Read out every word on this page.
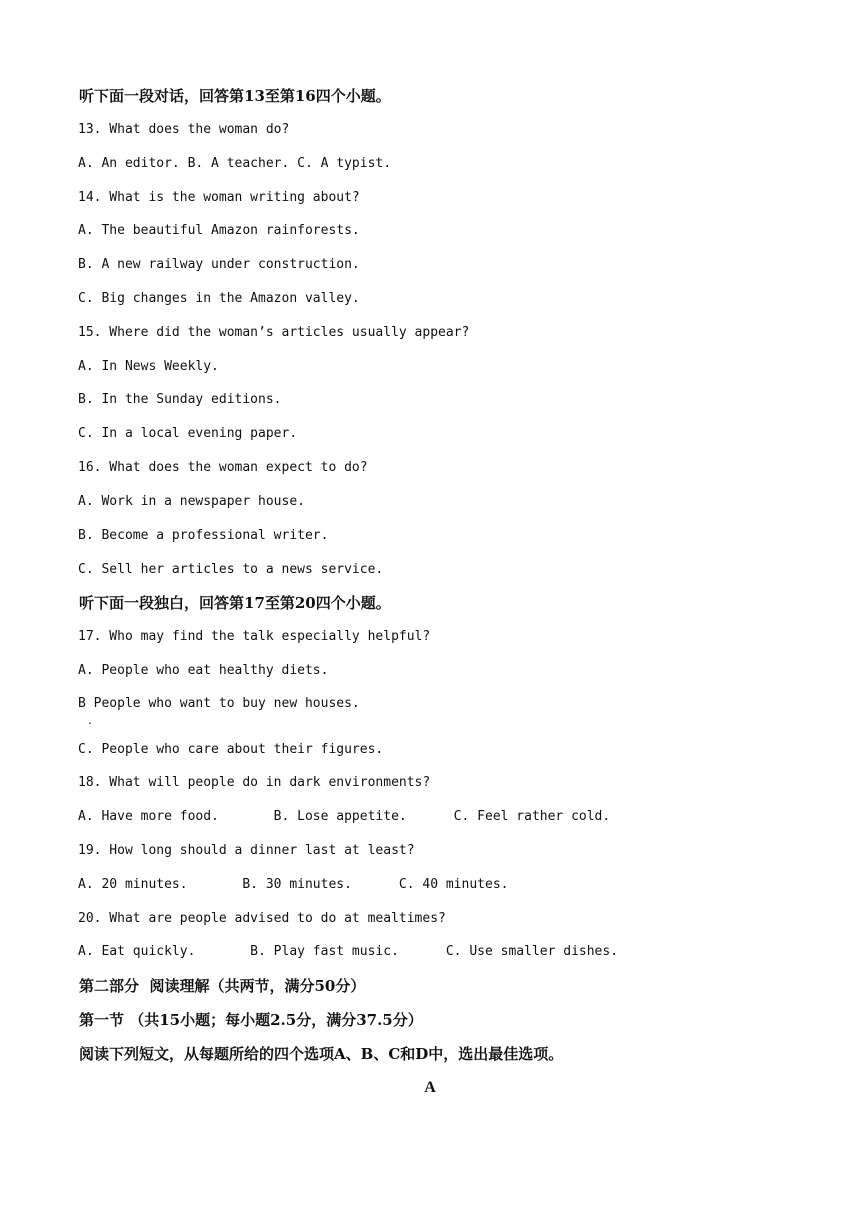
听下面一段对话，回答第13至第16四个小题。
13. What does the woman do?
A. An editor. B. A teacher. C. A typist.
14. What is the woman writing about?
A. The beautiful Amazon rainforests.
B. A new railway under construction.
C. Big changes in the Amazon valley.
15. Where did the woman’s articles usually appear?
A. In News Weekly.
B. In the Sunday editions.
C. In a local evening paper.
16. What does the woman expect to do?
A. Work in a newspaper house.
B. Become a professional writer.
C. Sell her articles to a news service.
听下面一段独白，回答第17至第20四个小题。
17. Who may find the talk especially helpful?
A. People who eat healthy diets.
B People who want to buy new houses.
.
C. People who care about their figures.
18. What will people do in dark environments?
A. Have more food.       B. Lose appetite.      C. Feel rather cold.
19. How long should a dinner last at least?
A. 20 minutes.       B. 30 minutes.      C. 40 minutes.
20. What are people advised to do at mealtimes?
A. Eat quickly.       B. Play fast music.      C. Use smaller dishes.
第二部分  阅读理解（共两节，满分50分）
第一节 （共15小题；每小题2.5分，满分37.5分）
阅读下列短文，从每题所给的四个选项A、B、C和D中，选出最佳选项。
A
